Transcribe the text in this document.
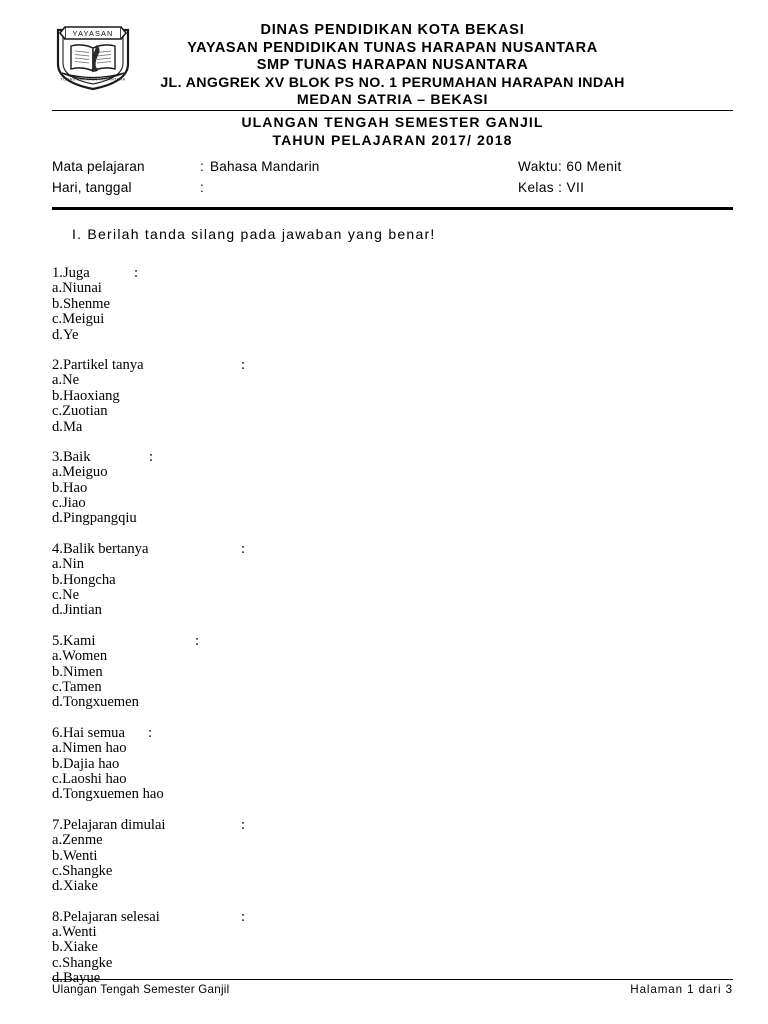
YAYASAN
TUNAS HARAPAN NUSANTARA
DINAS PENDIDIKAN KOTA BEKASI
YAYASAN PENDIDIKAN TUNAS HARAPAN NUSANTARA
SMP TUNAS HARAPAN NUSANTARA
JL. ANGGREK XV BLOK PS NO. 1 PERUMAHAN HARAPAN INDAH
MEDAN SATRIA – BEKASI
ULANGAN TENGAH SEMESTER GANJIL
TAHUN PELAJARAN 2017/ 2018
Mata pelajaran	: Bahasa Mandarin	Waktu: 60 Menit
Hari, tanggal	:	Kelas : VII
I. Berilah tanda silang pada jawaban yang benar!
1.Juga	:
a.Niunai
b.Shenme
c.Meigui
d.Ye
2.Partikel tanya	:
a.Ne
b.Haoxiang
c.Zuotian
d.Ma
3.Baik	:
a.Meiguo
b.Hao
c.Jiao
d.Pingpangqiu
4.Balik bertanya	:
a.Nin
b.Hongcha
c.Ne
d.Jintian
5.Kami	:
a.Women
b.Nimen
c.Tamen
d.Tongxuemen
6.Hai semua :
a.Nimen hao
b.Dajia hao
c.Laoshi hao
d.Tongxuemen hao
7.Pelajaran dimulai	:
a.Zenme
b.Wenti
c.Shangke
d.Xiake
8.Pelajaran selesai	:
a.Wenti
b.Xiake
c.Shangke
d.Bayue
Ulangan Tengah Semester Ganjil	Halaman 1 dari 3
